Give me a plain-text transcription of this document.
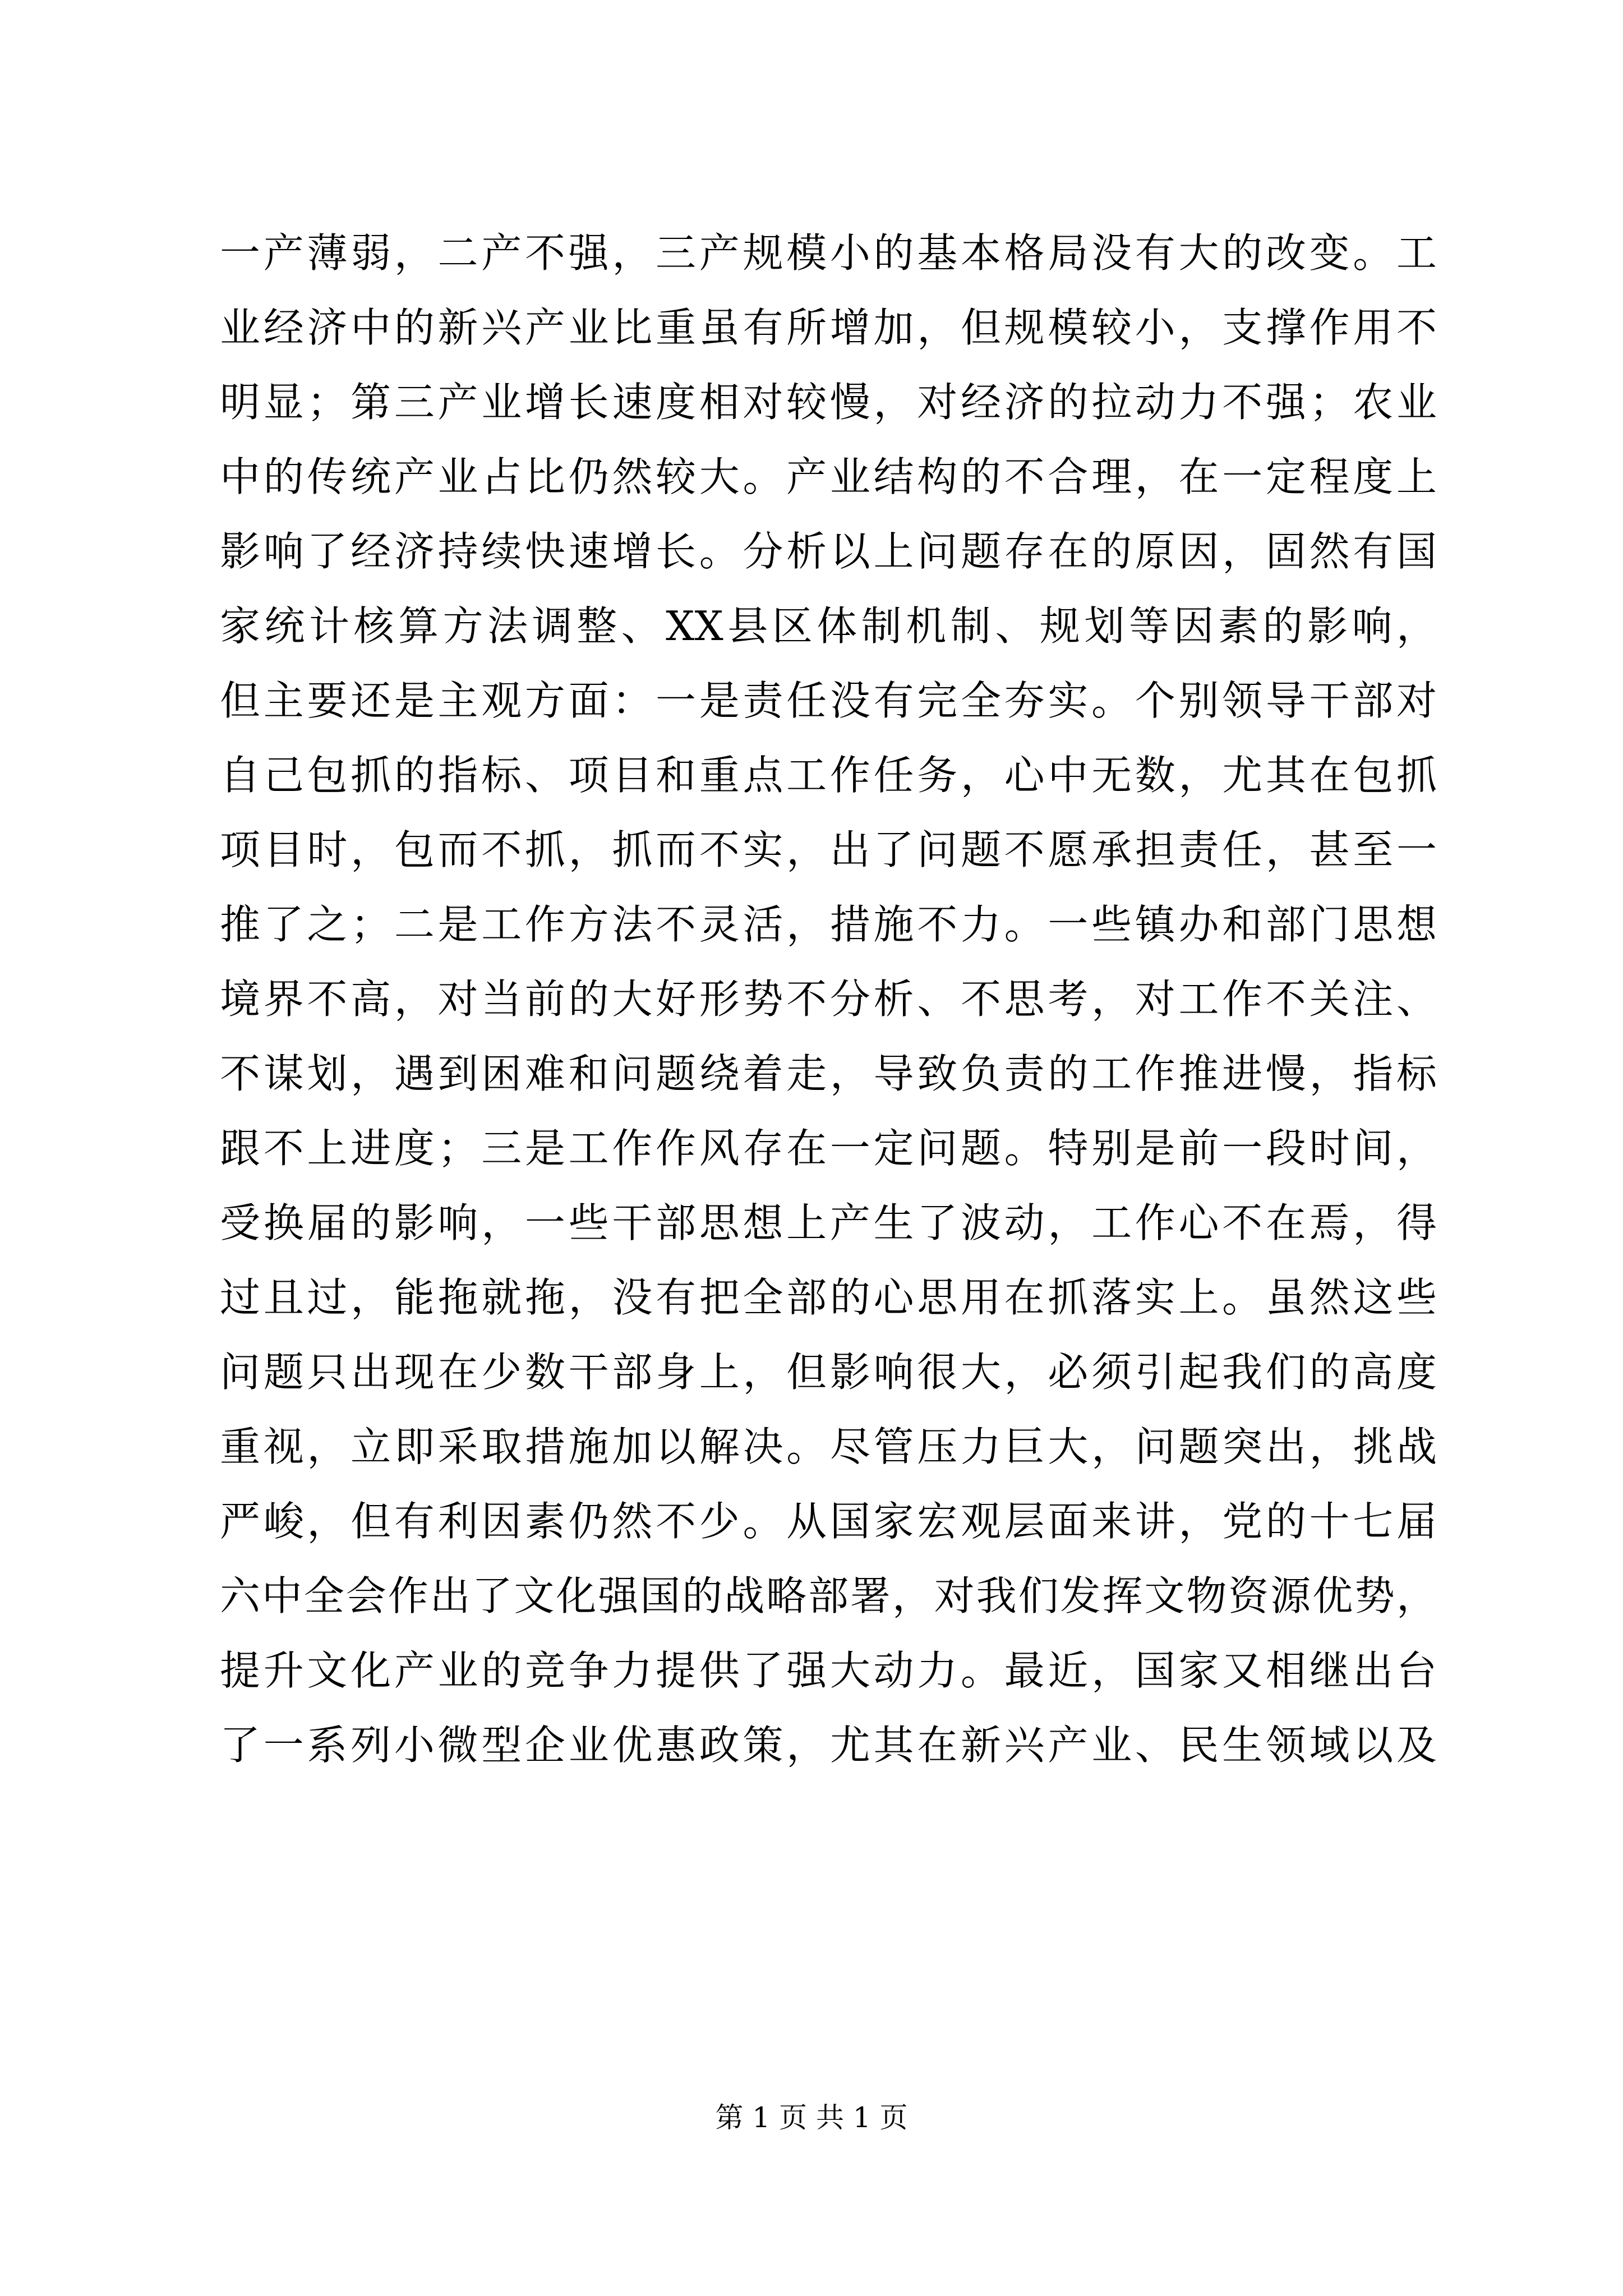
一产薄弱，二产不强，三产规模小的基本格局没有大的改变。工
业经济中的新兴产业比重虽有所增加，但规模较小，支撑作用不
明显；第三产业增长速度相对较慢，对经济的拉动力不强；农业
中的传统产业占比仍然较大。产业结构的不合理，在一定程度上
影响了经济持续快速增长。分析以上问题存在的原因，固然有国
家统计核算方法调整、XX县区体制机制、规划等因素的影响，
但主要还是主观方面：一是责任没有完全夯实。个别领导干部对
自己包抓的指标、项目和重点工作任务，心中无数，尤其在包抓
项目时，包而不抓，抓而不实，出了问题不愿承担责任，甚至一
推了之；二是工作方法不灵活，措施不力。一些镇办和部门思想
境界不高，对当前的大好形势不分析、不思考，对工作不关注、
不谋划，遇到困难和问题绕着走，导致负责的工作推进慢，指标
跟不上进度；三是工作作风存在一定问题。特别是前一段时间，
受换届的影响，一些干部思想上产生了波动，工作心不在焉，得
过且过，能拖就拖，没有把全部的心思用在抓落实上。虽然这些
问题只出现在少数干部身上，但影响很大，必须引起我们的高度
重视，立即采取措施加以解决。尽管压力巨大，问题突出，挑战
严峻，但有利因素仍然不少。从国家宏观层面来讲，党的十七届
六中全会作出了文化强国的战略部署，对我们发挥文物资源优势，
提升文化产业的竞争力提供了强大动力。最近，国家又相继出台
了一系列小微型企业优惠政策，尤其在新兴产业、民生领域以及
第 1 页 共 1 页
